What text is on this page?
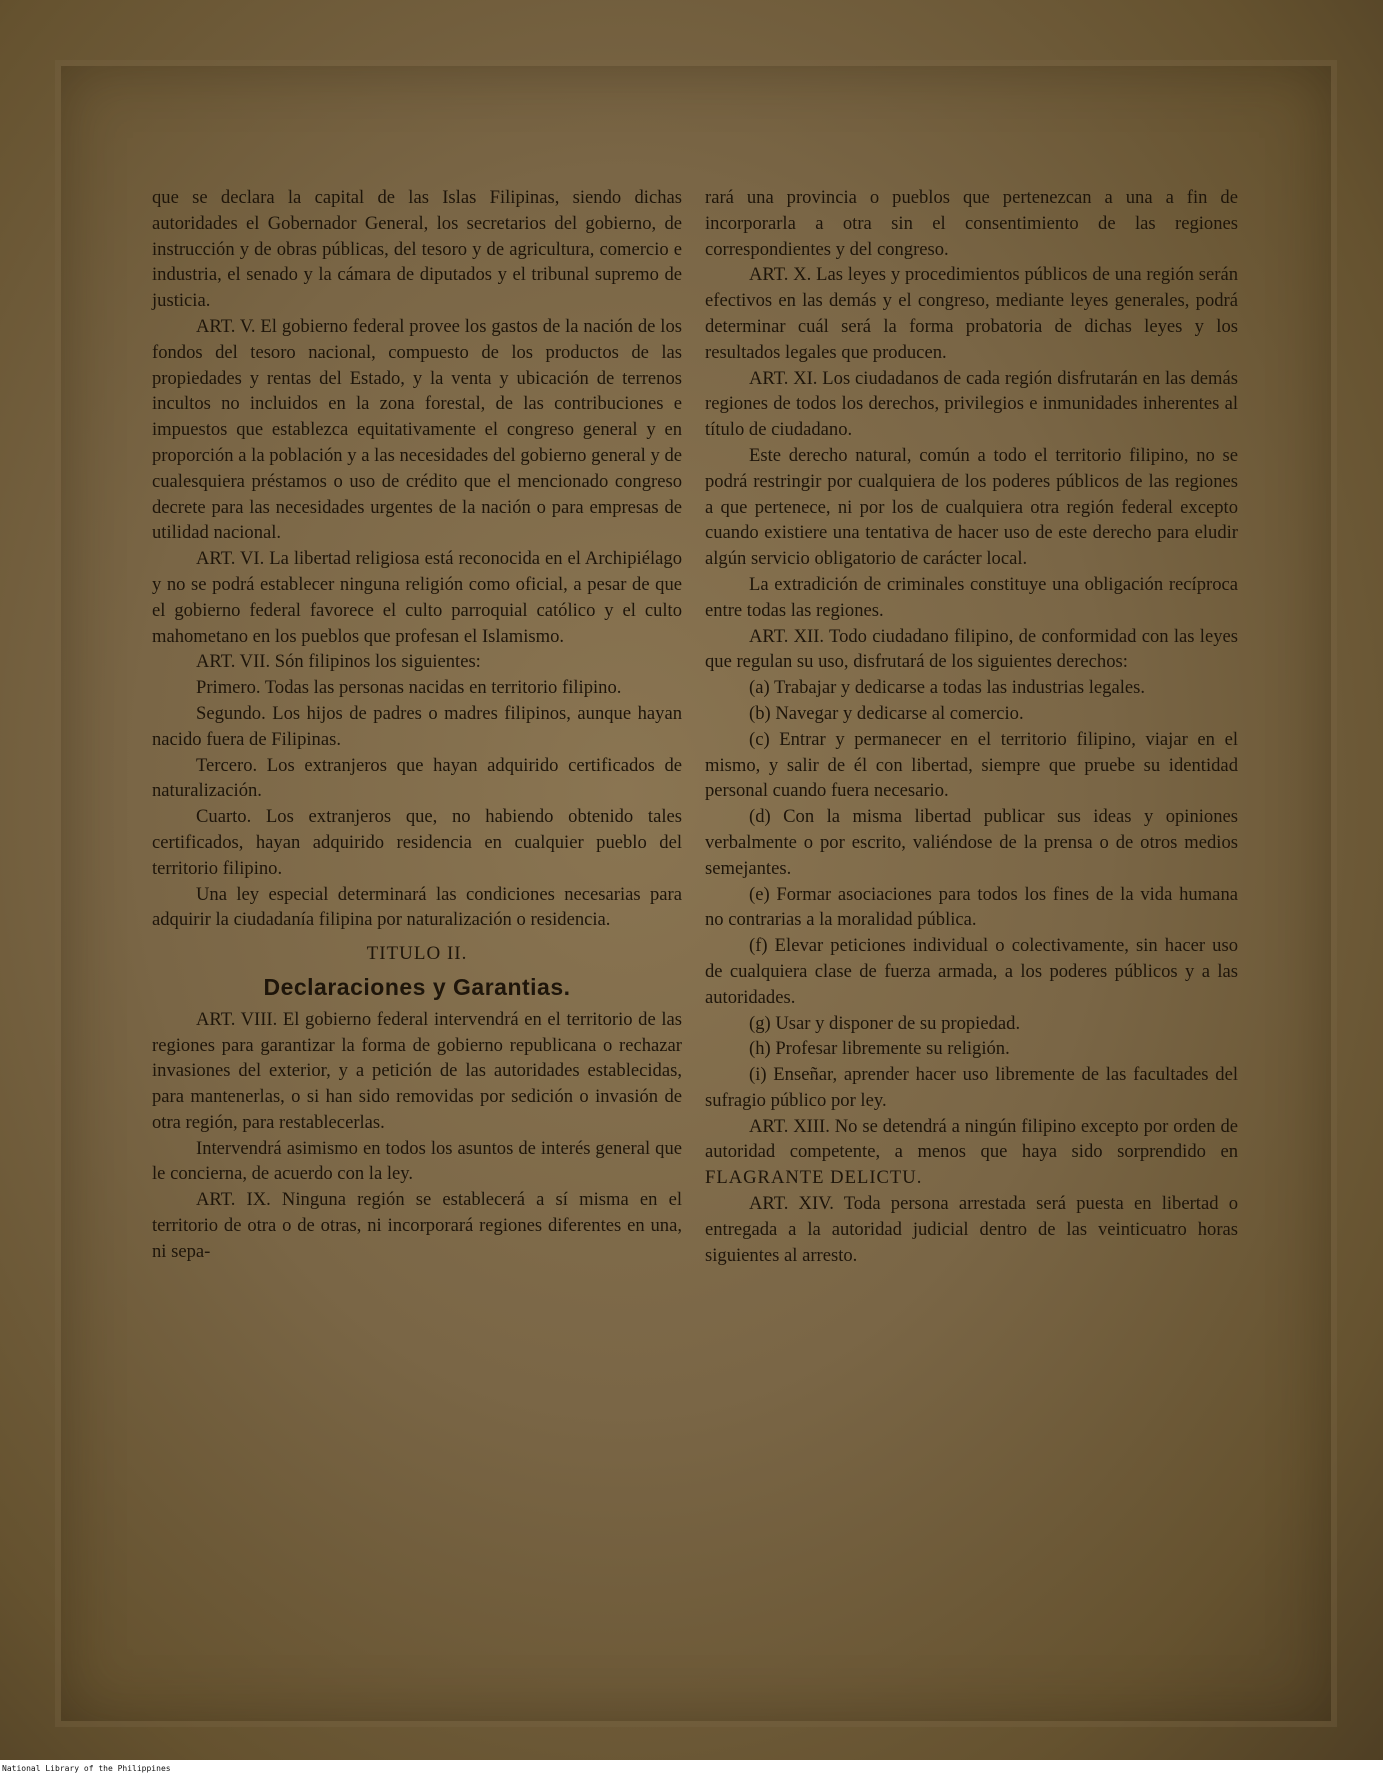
que se declara la capital de las Islas Filipinas, siendo dichas autoridades el Gobernador General, los secretarios del gobierno, de instrucción y de obras públicas, del tesoro y de agricultura, comercio e industria, el senado y la cámara de diputados y el tribunal supremo de justicia.

ART. V. El gobierno federal provee los gastos de la nación de los fondos del tesoro nacional, compuesto de los productos de las propiedades y rentas del Estado, y la venta y ubicación de terrenos incultos no incluidos en la zona forestal, de las contribuciones e impuestos que establezca equitativamente el congreso general y en proporción a la población y a las necesidades del gobierno general y de cualesquiera préstamos o uso de crédito que el mencionado congreso decrete para las necesidades urgentes de la nación o para empresas de utilidad nacional.

ART. VI. La libertad religiosa está reconocida en el Archipiélago y no se podrá establecer ninguna religión como oficial, a pesar de que el gobierno federal favorece el culto parroquial católico y el culto mahometano en los pueblos que profesan el Islamismo.

ART. VII. Són filipinos los siguientes:

Primero. Todas las personas nacidas en territorio filipino.

Segundo. Los hijos de padres o madres filipinos, aunque hayan nacido fuera de Filipinas.

Tercero. Los extranjeros que hayan adquirido certificados de naturalización.

Cuarto. Los extranjeros que, no habiendo obtenido tales certificados, hayan adquirido residencia en cualquier pueblo del territorio filipino.

Una ley especial determinará las condiciones necesarias para adquirir la ciudadanía filipina por naturalización o residencia.

TITULO II.
Declaraciones y Garantias.

ART. VIII. El gobierno federal intervendrá en el territorio de las regiones para garantizar la forma de gobierno republicana o rechazar invasiones del exterior, y a petición de las autoridades establecidas, para mantenerlas, o si han sido removidas por sedición o invasión de otra región, para restablecerlas.

Intervendrá asimismo en todos los asuntos de interés general que le concierna, de acuerdo con la ley.

ART. IX. Ninguna región se establecerá a sí misma en el territorio de otra o de otras, ni incorporará regiones diferentes en una, ni sepa-

rará una provincia o pueblos que pertenezcan a una a fin de incorporarla a otra sin el consentimiento de las regiones correspondientes y del congreso.

ART. X. Las leyes y procedimientos públicos de una región serán efectivos en las demás y el congreso, mediante leyes generales, podrá determinar cuál será la forma probatoria de dichas leyes y los resultados legales que producen.

ART. XI. Los ciudadanos de cada región disfrutarán en las demás regiones de todos los derechos, privilegios e inmunidades inherentes al título de ciudadano.

Este derecho natural, común a todo el territorio filipino, no se podrá restringir por cualquiera de los poderes públicos de las regiones a que pertenece, ni por los de cualquiera otra región federal excepto cuando existiere una tentativa de hacer uso de este derecho para eludir algún servicio obligatorio de carácter local.

La extradición de criminales constituye una obligación recíproca entre todas las regiones.

ART. XII. Todo ciudadano filipino, de conformidad con las leyes que regulan su uso, disfrutará de los siguientes derechos:

(a) Trabajar y dedicarse a todas las industrias legales.

(b) Navegar y dedicarse al comercio.

(c) Entrar y permanecer en el territorio filipino, viajar en el mismo, y salir de él con libertad, siempre que pruebe su identidad personal cuando fuera necesario.

(d) Con la misma libertad publicar sus ideas y opiniones verbalmente o por escrito, valiéndose de la prensa o de otros medios semejantes.

(e) Formar asociaciones para todos los fines de la vida humana no contrarias a la moralidad pública.

(f) Elevar peticiones individual o colectivamente, sin hacer uso de cualquiera clase de fuerza armada, a los poderes públicos y a las autoridades.

(g) Usar y disponer de su propiedad.

(h) Profesar libremente su religión.

(i) Enseñar, aprender hacer uso libremente de las facultades del sufragio público por ley.

ART. XIII. No se detendrá a ningún filipino excepto por orden de autoridad competente, a menos que haya sido sorprendido en FLAGRANTE DELICTU.

ART. XIV. Toda persona arrestada será puesta en libertad o entregada a la autoridad judicial dentro de las veinticuatro horas siguientes al arresto.

National Library of the Philippines
